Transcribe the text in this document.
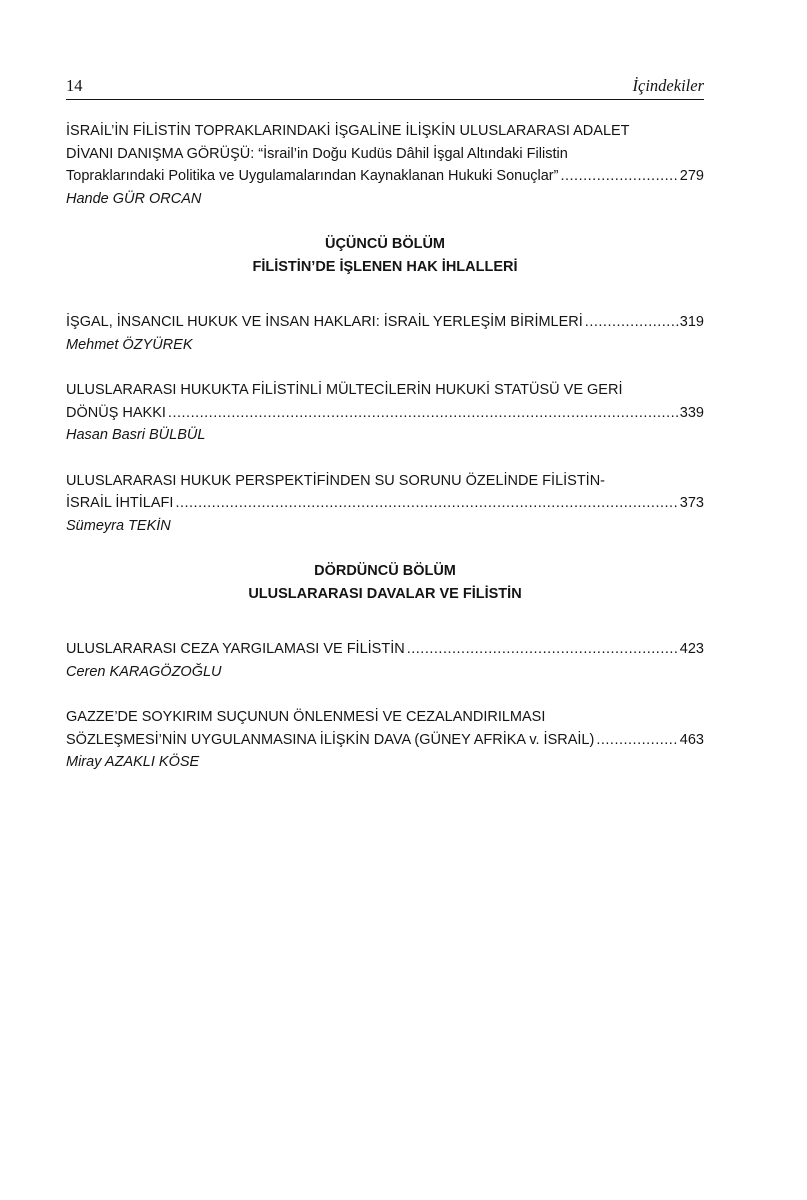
14	İçindekiler
İSRAİL’İN FİLİSTİN TOPRAKLARINDAKİ İŞGALİNE İLİŞKİN ULUSLARARASI ADALET
DİVANI DANIŞMA GÖRÜŞÜ: “İsrail’in Doğu Kudüs Dâhil İşgal Altındaki Filistin
Topraklarındaki Politika ve Uygulamalarından Kaynaklanan Hukuki Sonuçlar” .....	279
Hande GÜR ORCAN
ÜÇÜNCÜ BÖLÜM
FİLİSTİN’DE İŞLENEN HAK İHLALLERİ
İŞGAL, İNSANCIL HUKUK VE İNSAN HAKLARI: İSRAİL YERLEŞİM BİRİMLERİ .....	319
Mehmet ÖZYÜREK
ULUSLARARASI HUKUKTA FİLİSTİNLİ MÜLTECİLERİN HUKUKİ STATÜSÜ VE GERİ
DÖNÜŞ HAKKI .....	339
Hasan Basri BÜLBÜL
ULUSLARARASI HUKUK PERSPEKTİFİNDEN SU SORUNU ÖZELİNDE FİLİSTİN-
İSRAİL İHTİLAFI .....	373
Sümeyra TEKİN
DÖRDÜNCÜ BÖLÜM
ULUSLARARASI DAVALAR VE FİLİSTİN
ULUSLARARASI CEZA YARGILAMASI VE FİLİSTİN .....	423
Ceren KARAGÖZOĞLU
GAZZE’DE SOYKIRIM SUÇUNUN ÖNLENMESİ VE CEZALANDIRILMASI
SÖZLEŞMESİ’NİN UYGULANMASINA İLİŞKİN DAVA (GÜNEY AFRİKA v. İSRAİL) .....	463
Miray AZAKLI KÖSE
